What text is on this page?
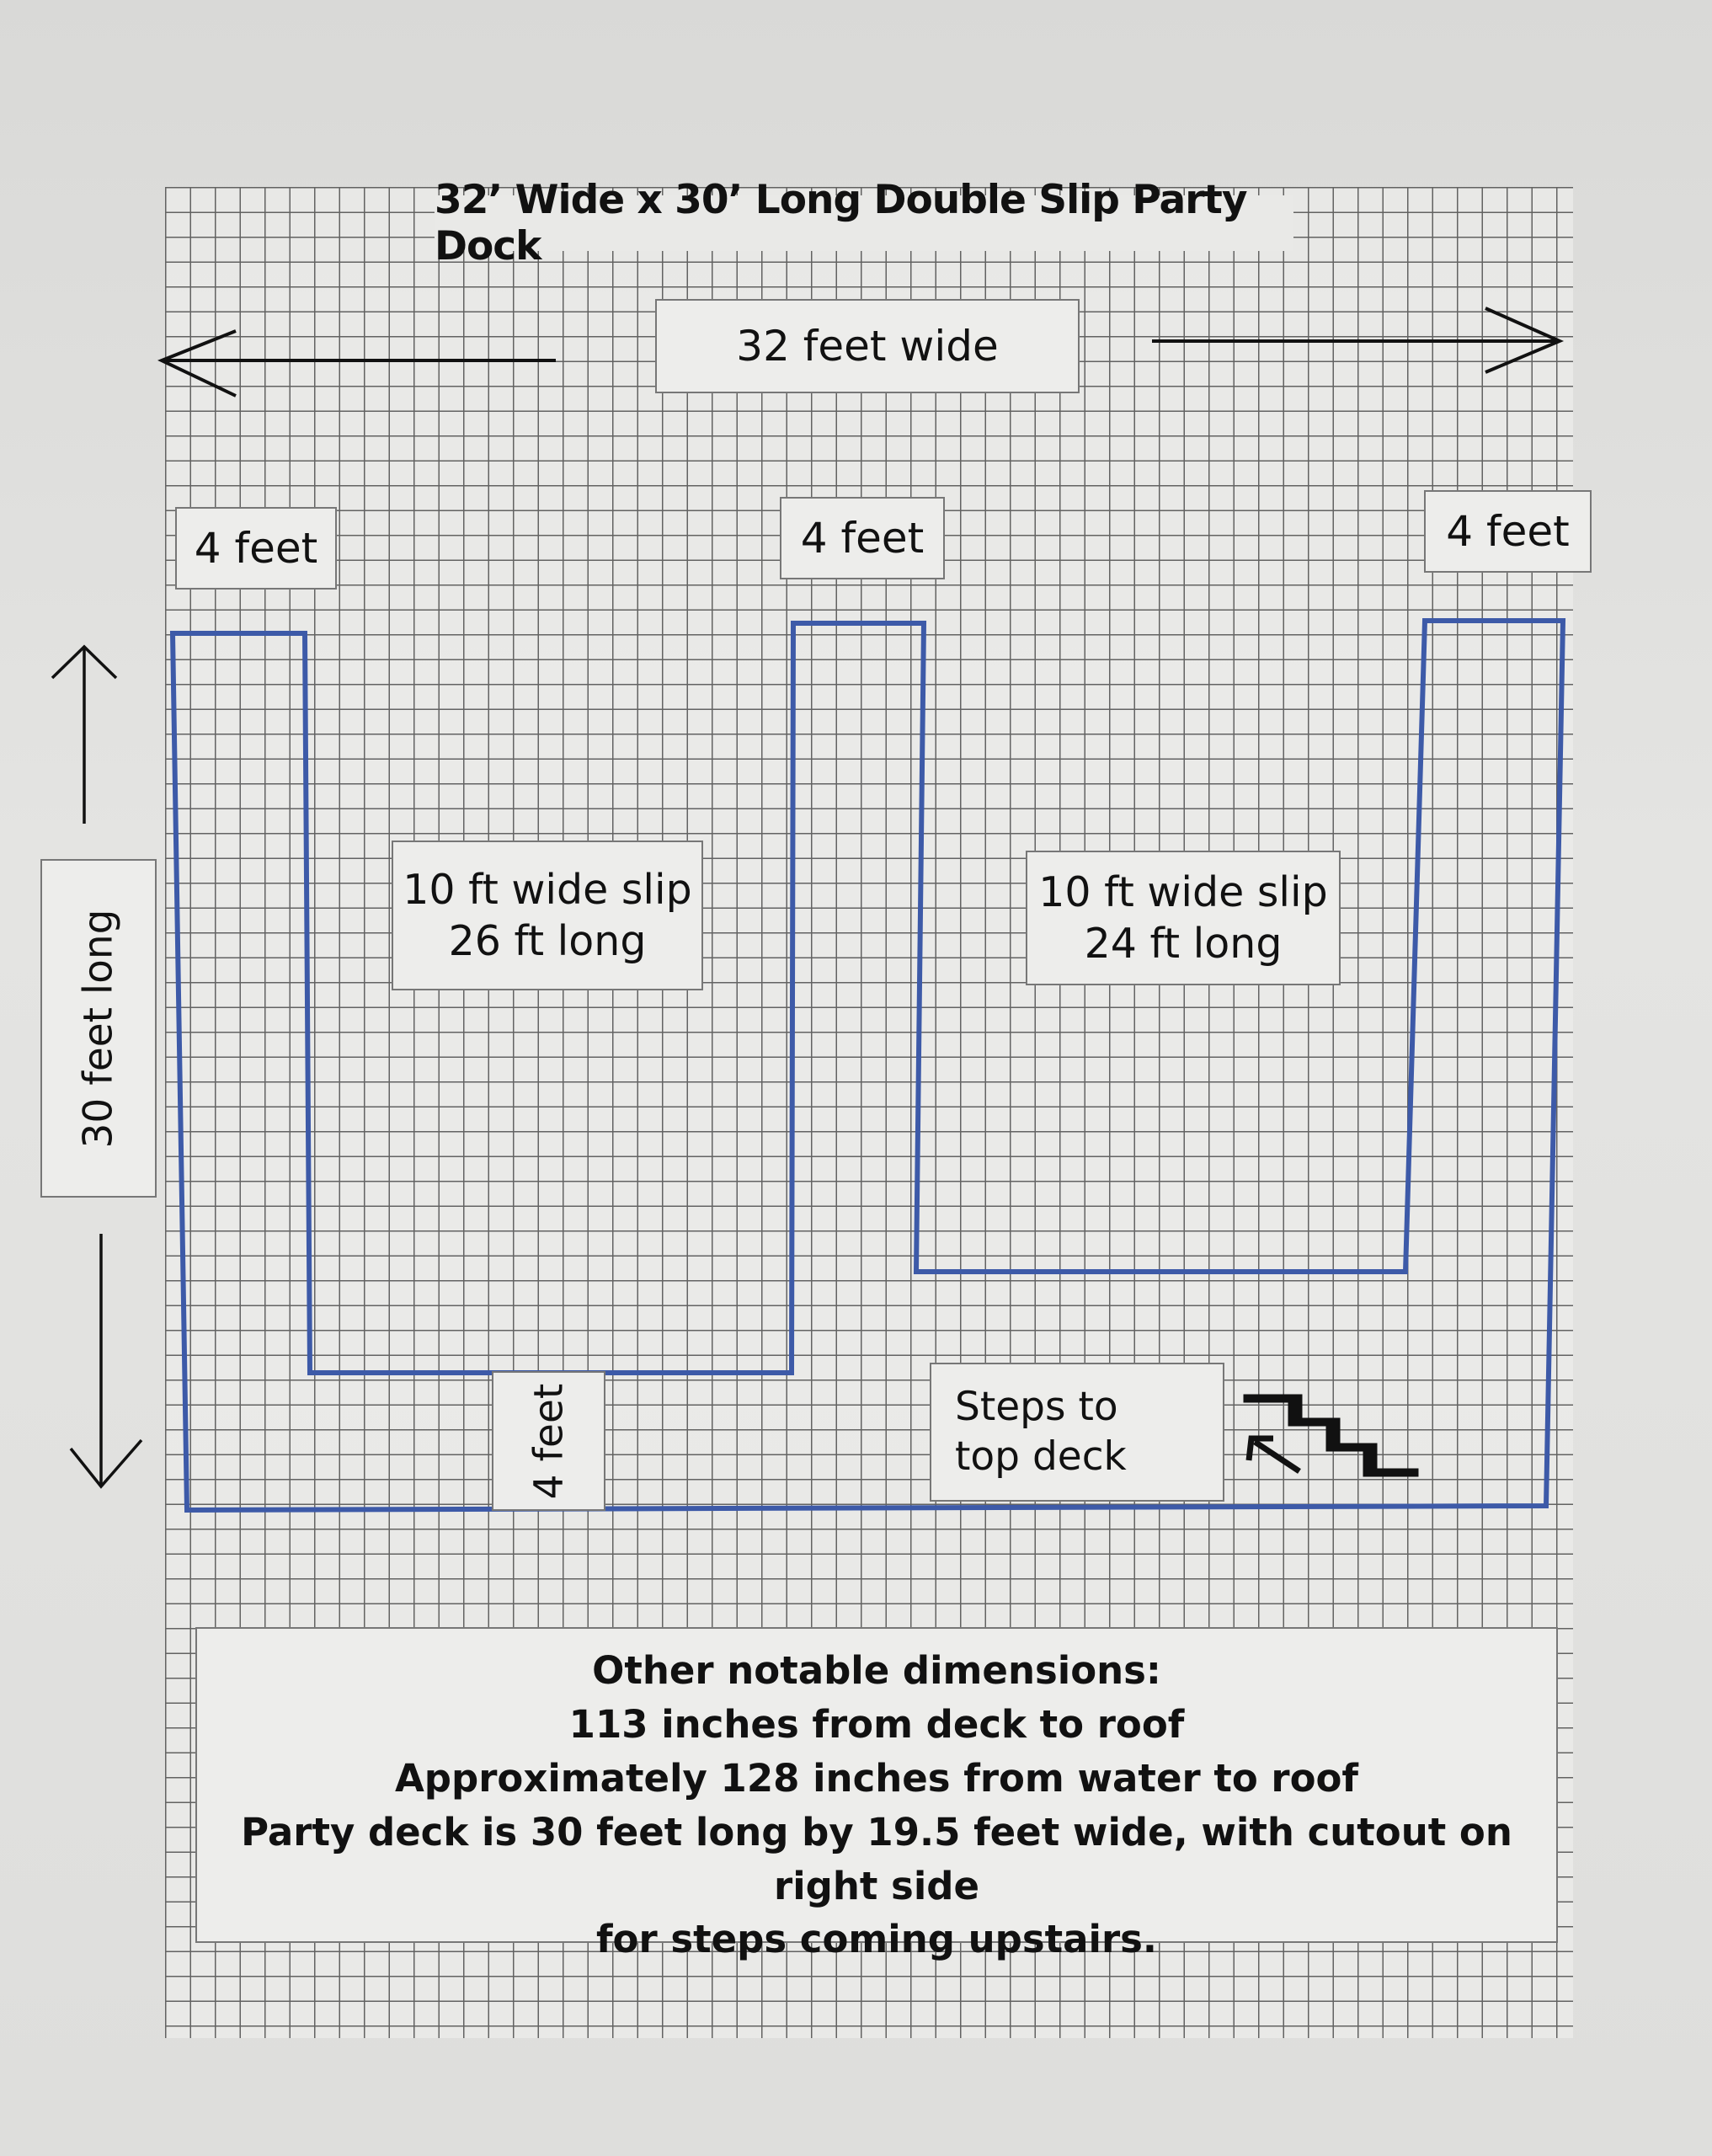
32’ Wide x 30’ Long Double Slip Party Dock
32 feet wide
4 feet	4 feet	4 feet
30 feet long
10 ft wide slip
26 ft long
10 ft wide slip
24 ft long
4 feet	Steps to
top deck
Other notable dimensions:
113 inches from deck to roof
Approximately 128 inches from water to roof
Party deck is 30 feet long by 19.5 feet wide, with cutout on right side
for steps coming upstairs.
